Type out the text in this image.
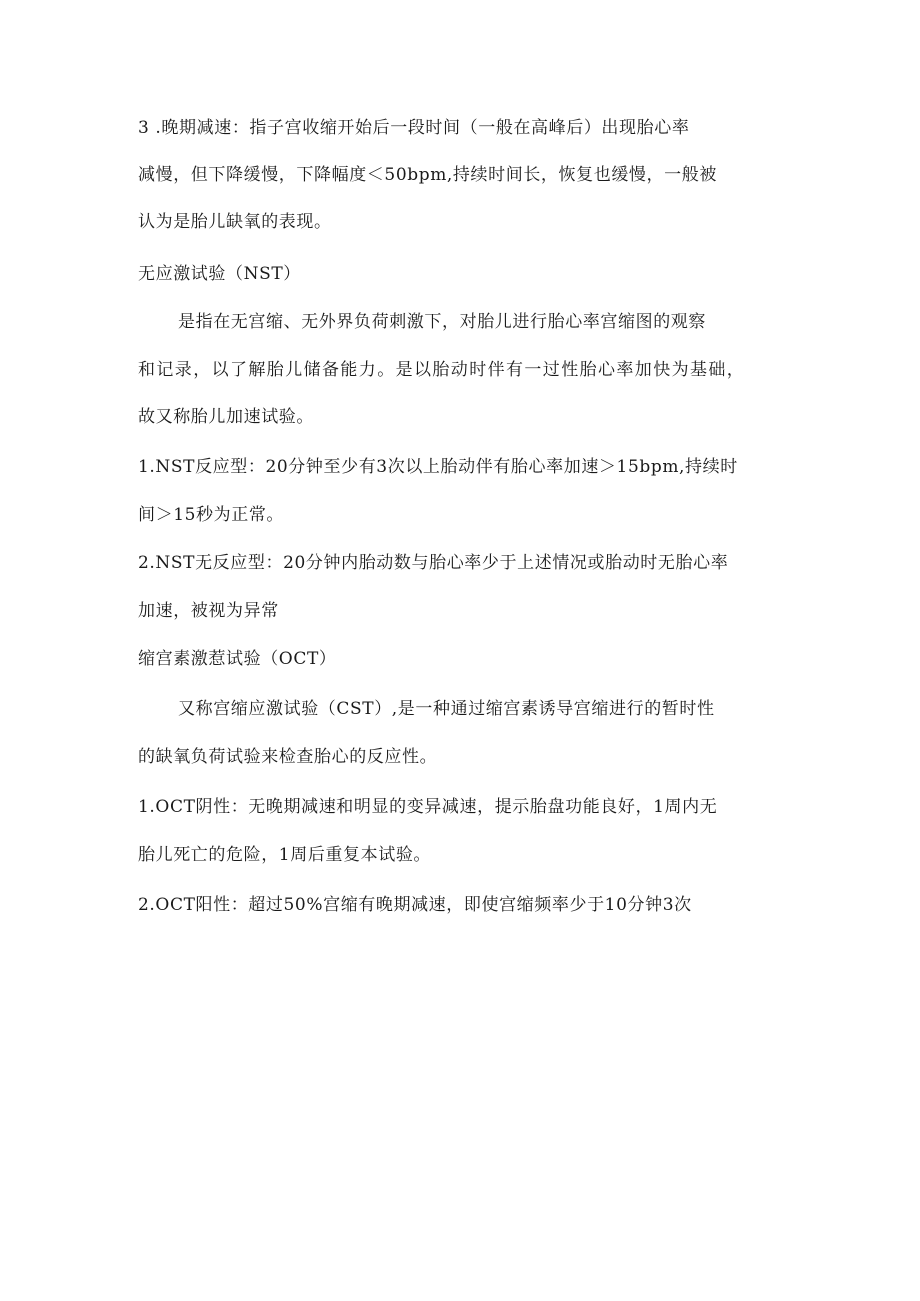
3 .晚期减速：指子宫收缩开始后一段时间（一般在高峰后）出现胎心率
减慢，但下降缓慢，下降幅度＜50bpm,持续时间长，恢复也缓慢，一般被
认为是胎儿缺氧的表现。
无应激试验（NST）
是指在无宫缩、无外界负荷刺激下，对胎儿进行胎心率宫缩图的观察
和记录，以了解胎儿储备能力。是以胎动时伴有一过性胎心率加快为基础，
故又称胎儿加速试验。
1.NST反应型：20分钟至少有3次以上胎动伴有胎心率加速＞15bpm,持续时
间＞15秒为正常。
2.NST无反应型：20分钟内胎动数与胎心率少于上述情况或胎动时无胎心率
加速，被视为异常
缩宫素激惹试验（OCT）
又称宫缩应激试验（CST）,是一种通过缩宫素诱导宫缩进行的暂时性
的缺氧负荷试验来检查胎心的反应性。
1.OCT阴性：无晚期减速和明显的变异减速，提示胎盘功能良好，1周内无
胎儿死亡的危险，1周后重复本试验。
2.OCT阳性：超过50%宫缩有晚期减速，即使宫缩频率少于10分钟3次
